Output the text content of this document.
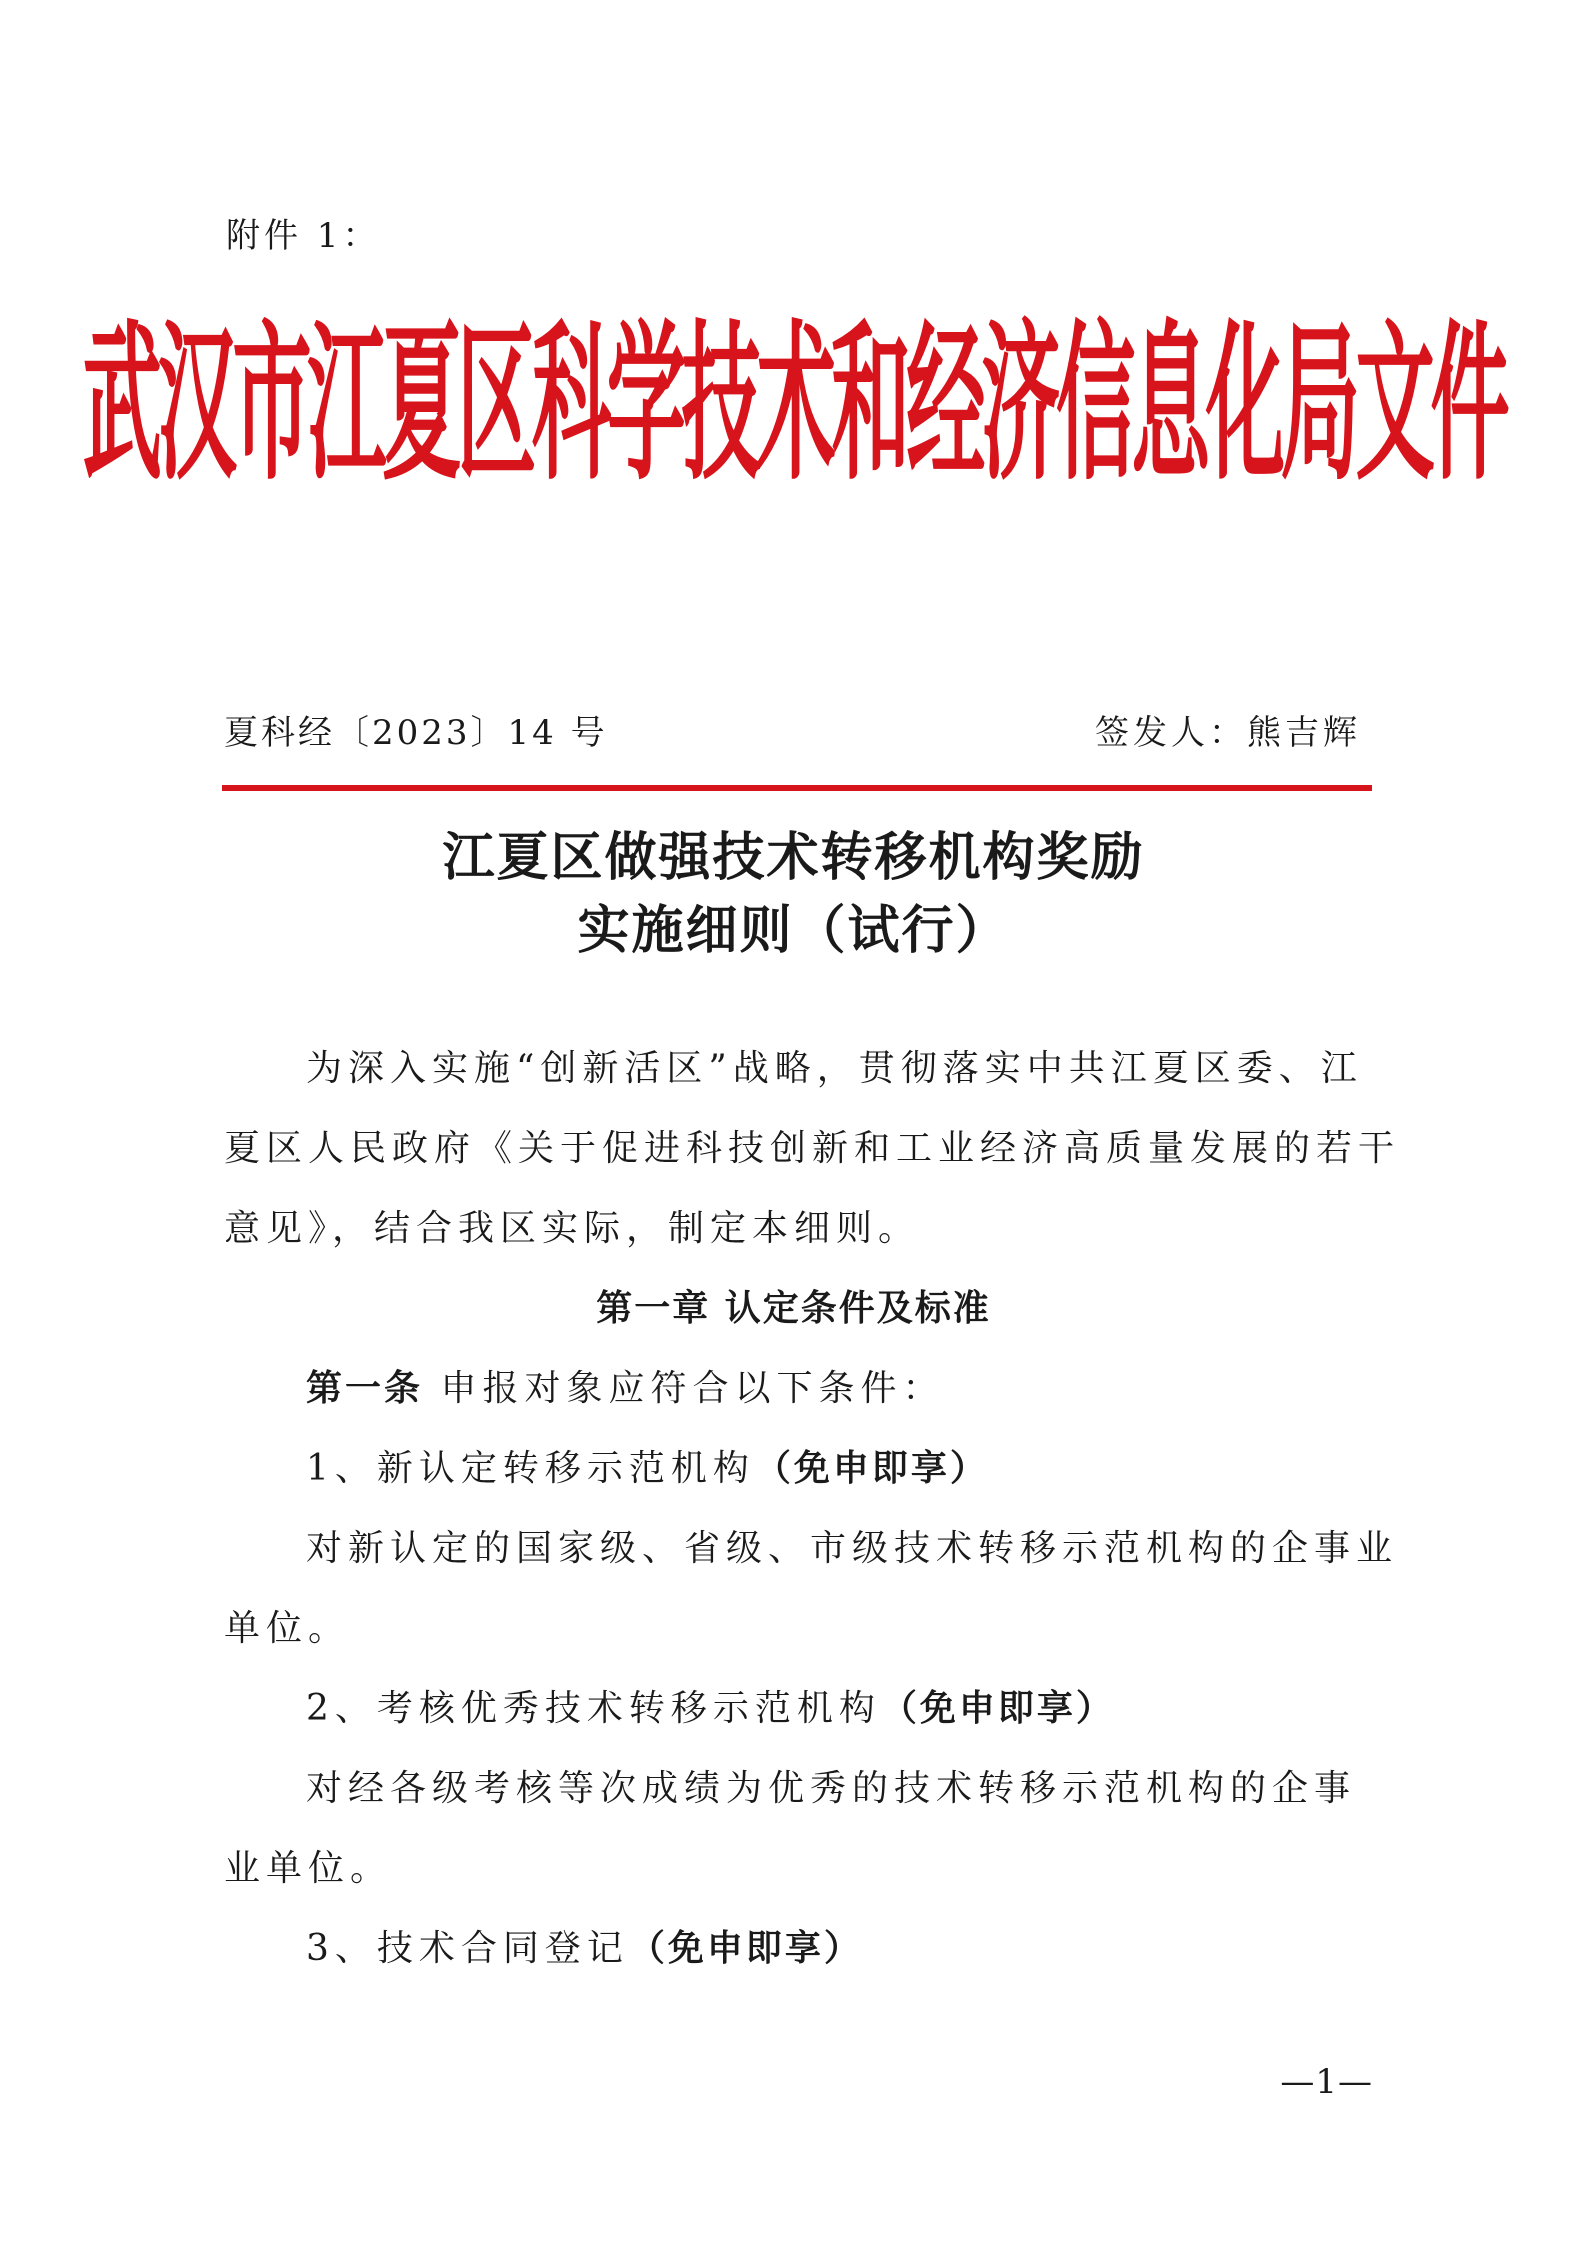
附件 1：
武汉市江夏区科学技术和经济信息化局文件
夏科经〔2023〕14 号	签发人：熊吉辉
江夏区做强技术转移机构奖励
实施细则（试行）
为深入实施“创新活区”战略，贯彻落实中共江夏区委、江
夏区人民政府《关于促进科技创新和工业经济高质量发展的若干
意见》，结合我区实际，制定本细则。
第一章 认定条件及标准
第一条 申报对象应符合以下条件：
1、新认定转移示范机构（免申即享）
对新认定的国家级、省级、市级技术转移示范机构的企事业
单位。
2、考核优秀技术转移示范机构（免申即享）
对经各级考核等次成绩为优秀的技术转移示范机构的企事
业单位。
3、技术合同登记（免申即享）
—1—
